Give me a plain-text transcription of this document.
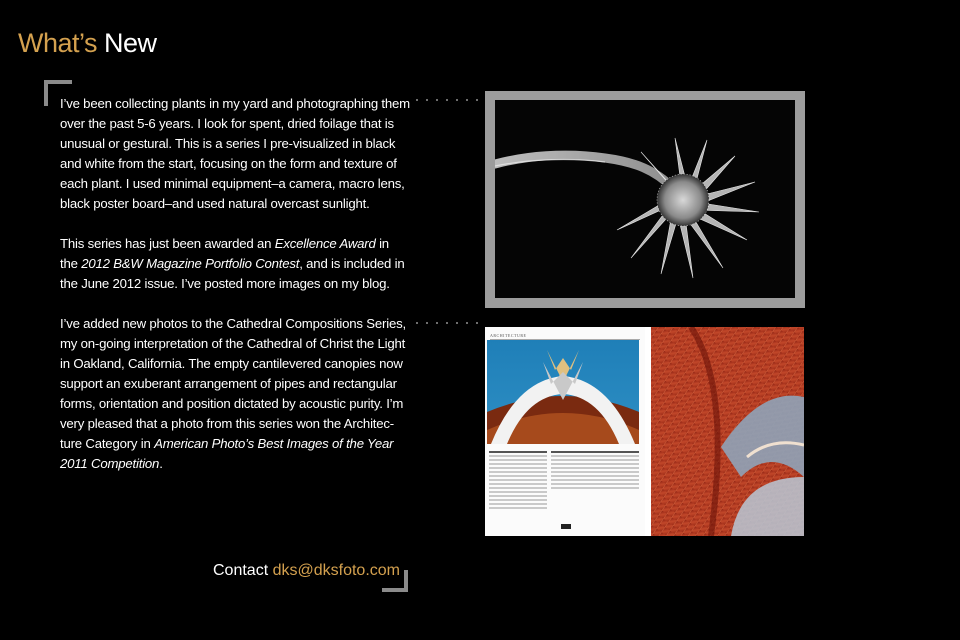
What’s New

I’ve been collecting plants in my yard and photographing them over the past 5-6 years. I look for spent, dried foilage that is unusual or gestural. This is a series I pre-visualized in black and white from the start, focusing on the form and texture of each plant. I used minimal equipment–a camera, macro lens, black poster board–and used natural overcast sunlight.

This series has just been awarded an Excellence Award in the 2012 B&W Magazine Portfolio Contest, and is included in the June 2012 issue. I’ve posted more images on my blog.

I’ve added new photos to the Cathedral Compositions Series, my on-going interpretation of the Cathedral of Christ the Light in Oakland, California. The empty cantilevered canopies now support an exuberant arrangement of pipes and rectangular forms, orientation and position dictated by acoustic purity. I’m very pleased that a photo from this series won the Architec-ture Category in American Photo’s Best Images of the Year 2011 Competition.

Contact dks@dksfoto.com
ARCHITECTURE
